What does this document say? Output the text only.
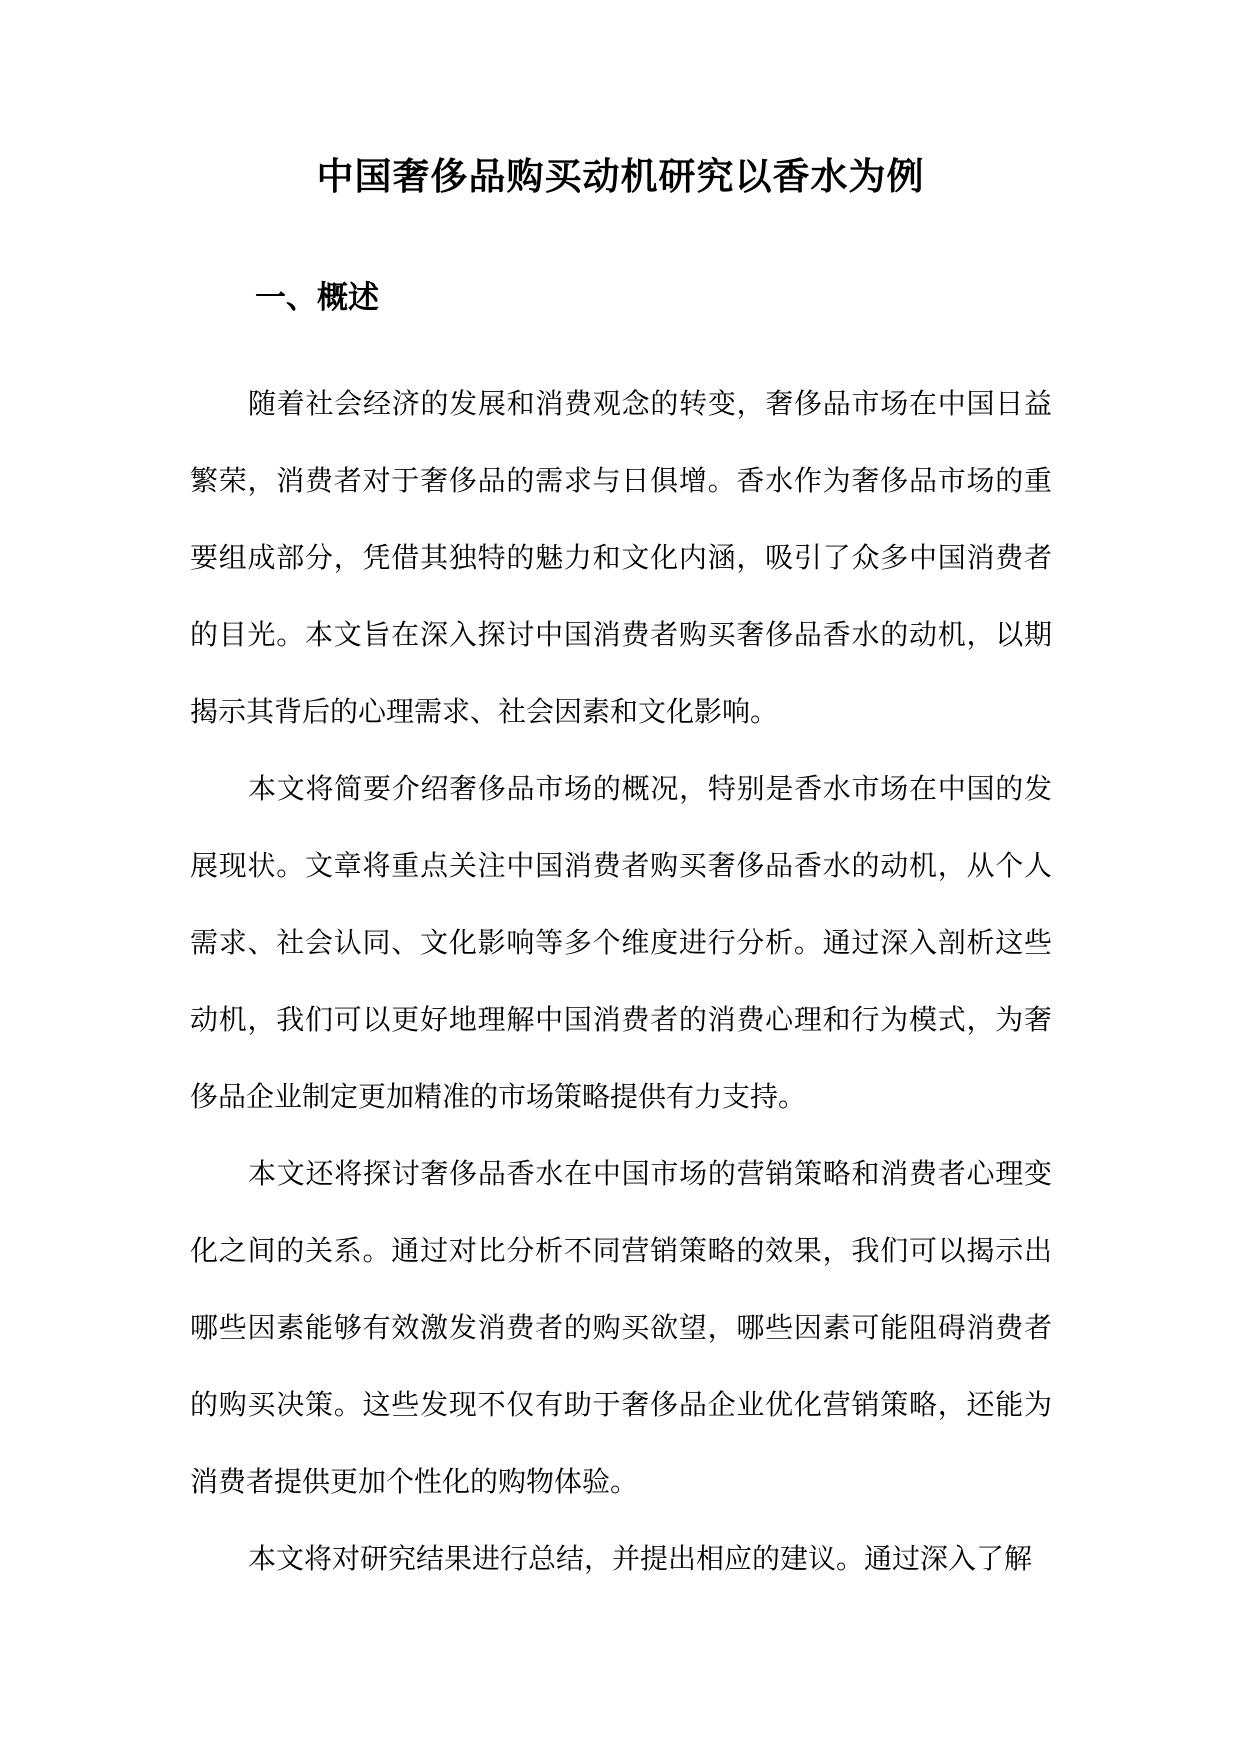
中国奢侈品购买动机研究以香水为例
一、概述

随着社会经济的发展和消费观念的转变，奢侈品市场在中国日益繁荣，消费者对于奢侈品的需求与日俱增。香水作为奢侈品市场的重要组成部分，凭借其独特的魅力和文化内涵，吸引了众多中国消费者的目光。本文旨在深入探讨中国消费者购买奢侈品香水的动机，以期揭示其背后的心理需求、社会因素和文化影响。

本文将简要介绍奢侈品市场的概况，特别是香水市场在中国的发展现状。文章将重点关注中国消费者购买奢侈品香水的动机，从个人需求、社会认同、文化影响等多个维度进行分析。通过深入剖析这些动机，我们可以更好地理解中国消费者的消费心理和行为模式，为奢侈品企业制定更加精准的市场策略提供有力支持。

本文还将探讨奢侈品香水在中国市场的营销策略和消费者心理变化之间的关系。通过对比分析不同营销策略的效果，我们可以揭示出哪些因素能够有效激发消费者的购买欲望，哪些因素可能阻碍消费者的购买决策。这些发现不仅有助于奢侈品企业优化营销策略，还能为消费者提供更加个性化的购物体验。

本文将对研究结果进行总结，并提出相应的建议。通过深入了解
